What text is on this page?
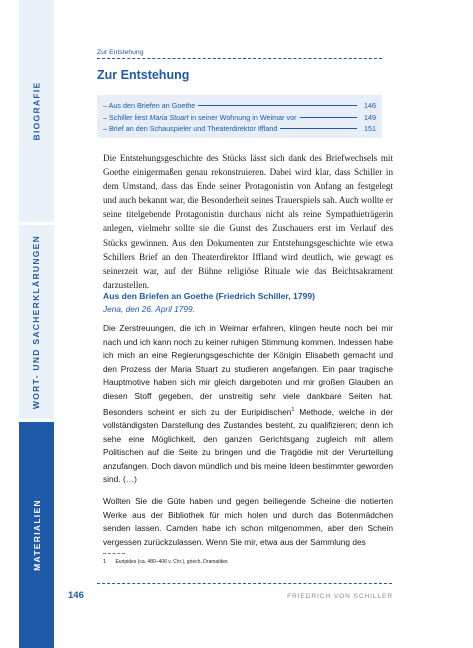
BIOGRAFIE
WORT- UND SACHERKLÄRUNGEN
MATERIALIEN
Zur Entstehung
Zur Entstehung
– Aus den Briefen an Goethe	146
– Schiller liest Maria Stuart in seiner Wohnung in Weimar vor	149
– Brief an den Schauspieler und Theaterdirektor Iffland	151

Die Entstehungsgeschichte des Stücks lässt sich dank des Briefwechsels mit Goethe einigermaßen genau rekonstruieren. Dabei wird klar, dass Schiller in dem Umstand, dass das Ende seiner Protagonistin von Anfang an festgelegt und auch bekannt war, die Besonderheit seines Trauerspiels sah. Auch wollte er seine titelgebende Protagonistin durchaus nicht als reine Sympathieträgerin anlegen, vielmehr sollte sie die Gunst des Zuschauers erst im Verlauf des Stücks gewinnen. Aus den Dokumenten zur Entstehungsgeschichte wie etwa Schillers Brief an den Theaterdirektor Iffland wird deutlich, wie gewagt es seinerzeit war, auf der Bühne religiöse Rituale wie das Beichtsakrament darzustellen.

Aus den Briefen an Goethe (Friedrich Schiller, 1799)
Jena, den 26. April 1799.

Die Zerstreuungen, die ich in Weimar erfahren, klingen heute noch bei mir nach und ich kann noch zu keiner ruhigen Stimmung kommen. Indessen habe ich mich an eine Regierungsgeschichte der Königin Elisabeth gemacht und den Prozess der Maria Stuart zu studieren angefangen. Ein paar tragische Hauptmotive haben sich mir gleich dargeboten und mir großen Glauben an diesen Stoff gegeben, der unstreitig sehr viele dankbare Seiten hat. Besonders scheint er sich zu der Euripidischen$^1$ Methode, welche in der vollständigsten Darstellung des Zustandes besteht, zu qualifizieren; denn ich sehe eine Möglichkeit, den ganzen Gerichtsgang zugleich mit allem Politischen auf die Seite zu bringen und die Tragödie mit der Verurteilung anzufangen. Doch davon mündlich und bis meine Ideen bestimmter geworden sind. (…)

Wollten Sie die Güte haben und gegen beiliegende Scheine die notierten Werke aus der Bibliothek für mich holen und durch das Botenmädchen senden lassen. Camden habe ich schon mitgenommen, aber den Schein vergessen zurückzulassen. Wenn Sie mir, etwa aus der Sammlung des

1 Euripides (ca. 480–406 v. Chr.), griech. Dramatiker.
146	FRIEDRICH VON SCHILLER
